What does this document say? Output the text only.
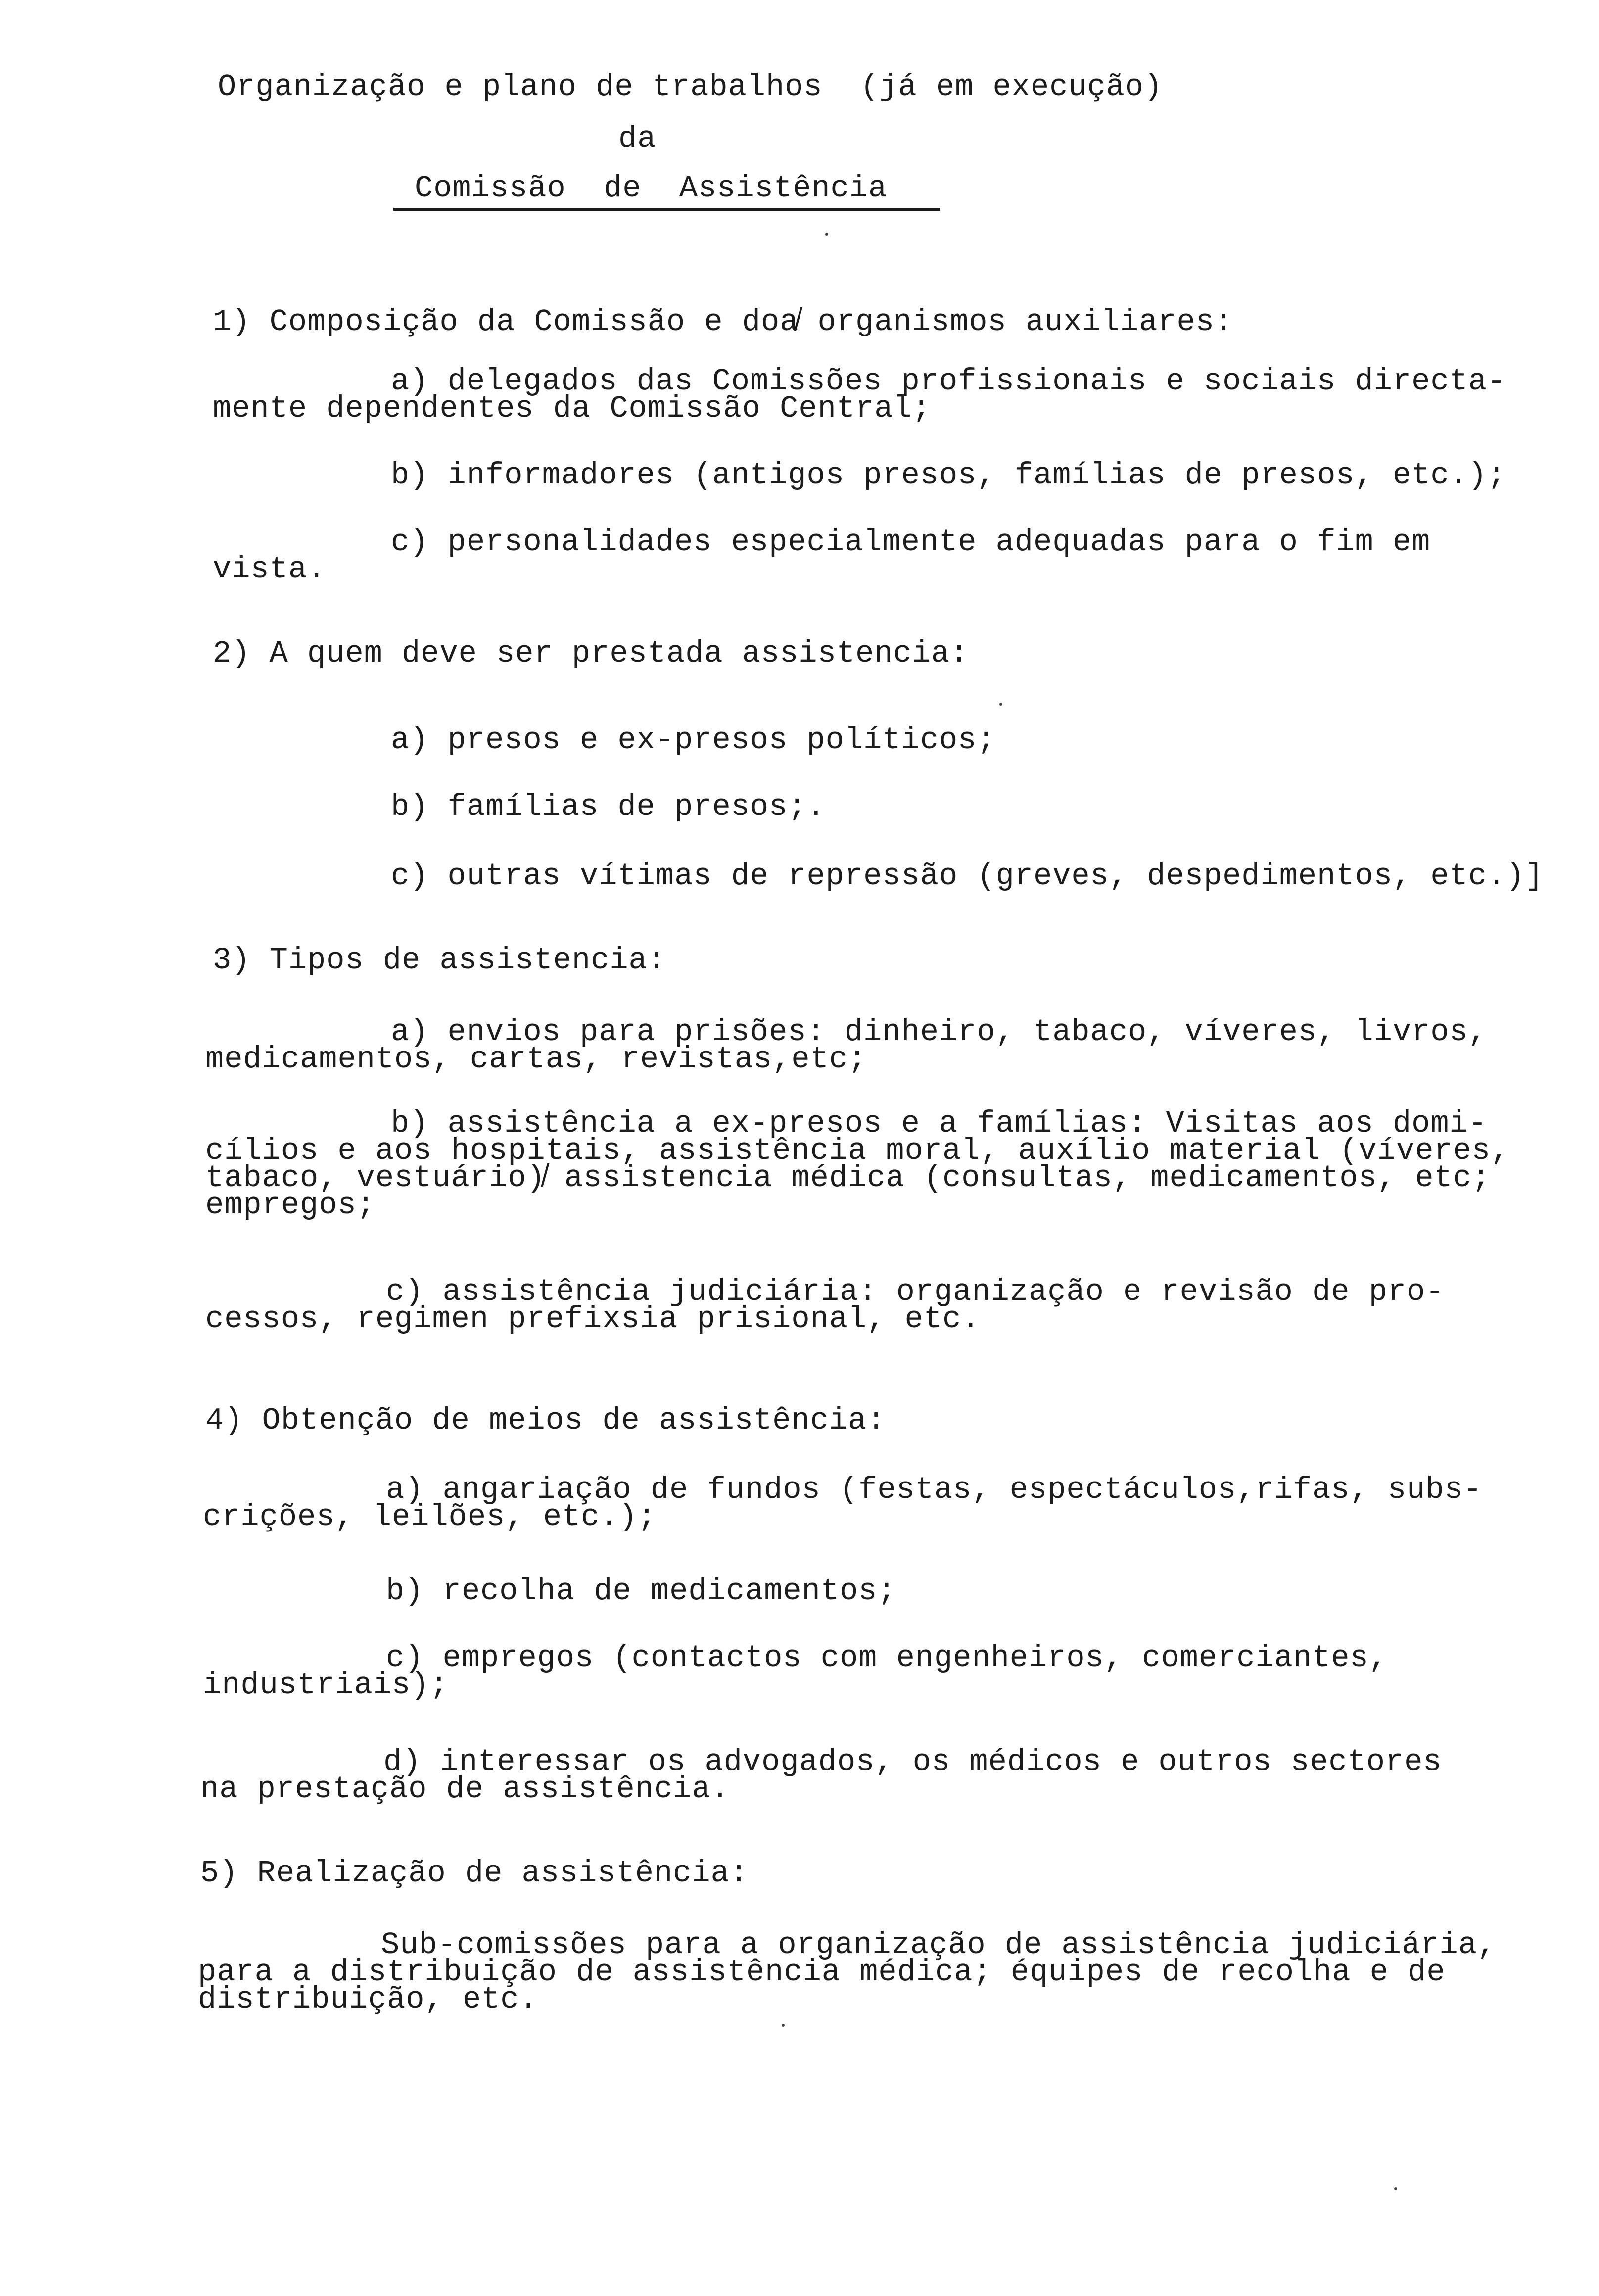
Organização e plano de trabalhos  (já em execução)
da
Comissão  de  Assistência
1) Composição da Comissão e doa̸ organismos auxiliares:
a) delegados das Comissões profissionais e sociais directa-
mente dependentes da Comissão Central;
b) informadores (antigos presos, famílias de presos, etc.);
c) personalidades especialmente adequadas para o fim em
vista.
2) A quem deve ser prestada assistencia:
a) presos e ex-presos políticos;
b) famílias de presos;.
c) outras vítimas de repressão (greves, despedimentos, etc.)]
3) Tipos de assistencia:
a) envios para prisões: dinheiro, tabaco, víveres, livros,
medicamentos, cartas, revistas,etc;
b) assistência a ex-presos e a famílias: Visitas aos domi-
cílios e aos hospitais, assistência moral, auxílio material (víveres,
tabaco, vestuário)̸ assistencia médica (consultas, medicamentos, etc;
empregos;
c) assistência judiciária: organização e revisão de pro-
cessos, regimen prefixsia prisional, etc.
4) Obtenção de meios de assistência:
a) angariação de fundos (festas, espectáculos,rifas, subs-
crições, leilões, etc.);
b) recolha de medicamentos;
c) empregos (contactos com engenheiros, comerciantes,
industriais);
d) interessar os advogados, os médicos e outros sectores
na prestação de assistência.
5) Realização de assistência:
Sub-comissões para a organização de assistência judiciária,
para a distribuição de assistência médica; équipes de recolha e de
distribuição, etc.
